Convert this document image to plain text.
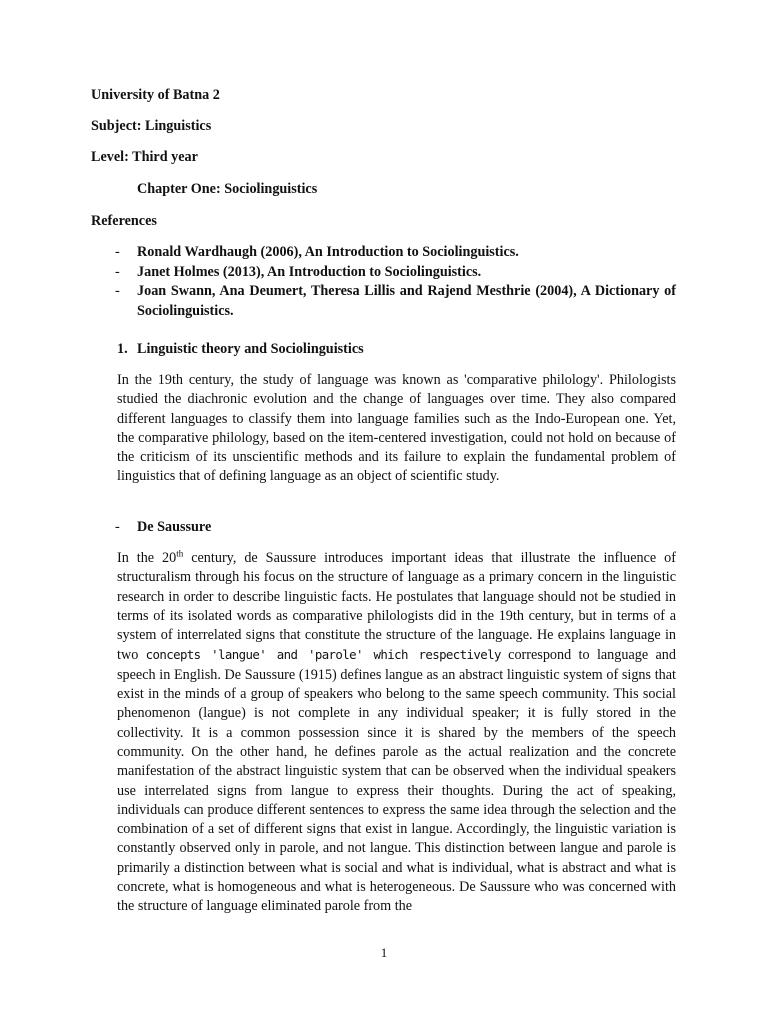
University of Batna 2
Subject: Linguistics
Level: Third year
Chapter One: Sociolinguistics
References
- Ronald Wardhaugh (2006), An Introduction to Sociolinguistics.
- Janet Holmes (2013), An Introduction to Sociolinguistics.
- Joan Swann, Ana Deumert, Theresa Lillis and Rajend Mesthrie (2004), A Dictionary of Sociolinguistics.
1. Linguistic theory and Sociolinguistics

In the 19th century, the study of language was known as 'comparative philology'. Philologists studied the diachronic evolution and the change of languages over time. They also compared different languages to classify them into language families such as the Indo-European one. Yet, the comparative philology, based on the item-centered investigation, could not hold on because of the criticism of its unscientific methods and its failure to explain the fundamental problem of linguistics that of defining language as an object of scientific study.

- De Saussure

In the 20th century, de Saussure introduces important ideas that illustrate the influence of structuralism through his focus on the structure of language as a primary concern in the linguistic research in order to describe linguistic facts. He postulates that language should not be studied in terms of its isolated words as comparative philologists did in the 19th century, but in terms of a system of interrelated signs that constitute the structure of the language. He explains language in two concepts 'langue' and 'parole' which respectively correspond to language and speech in English. De Saussure (1915) defines langue as an abstract linguistic system of signs that exist in the minds of a group of speakers who belong to the same speech community. This social phenomenon (langue) is not complete in any individual speaker; it is fully stored in the collectivity. It is a common possession since it is shared by the members of the speech community. On the other hand, he defines parole as the actual realization and the concrete manifestation of the abstract linguistic system that can be observed when the individual speakers use interrelated signs from langue to express their thoughts. During the act of speaking, individuals can produce different sentences to express the same idea through the selection and the combination of a set of different signs that exist in langue. Accordingly, the linguistic variation is constantly observed only in parole, and not langue. This distinction between langue and parole is primarily a distinction between what is social and what is individual, what is abstract and what is concrete, what is homogeneous and what is heterogeneous. De Saussure who was concerned with the structure of language eliminated parole from the

1
